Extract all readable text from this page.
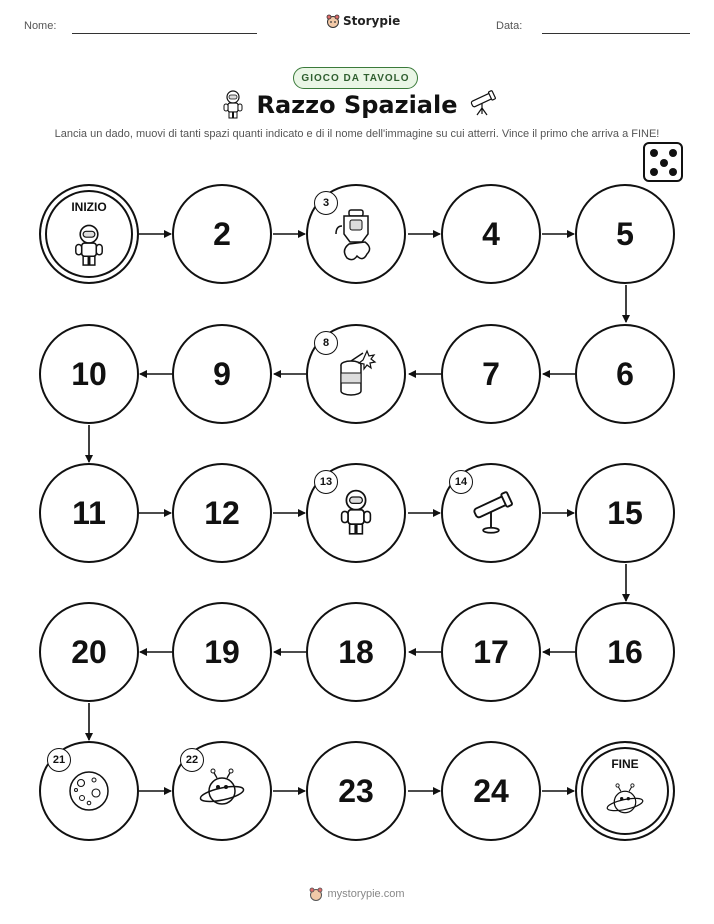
Nome:	Storypie	Data:
GIOCO DA TAVOLO
Razzo Spaziale
Lancia un dado, muovi di tanti spazi quanti indicato e di il nome dell'immagine su cui atterri. Vince il primo che arriva a FINE!
INIZIO
2
3
4	5
10	9
8
7	6
11	12
13	14
15
20	19	18	17	16
21	22
23	24
FINE
mystorypie.com
